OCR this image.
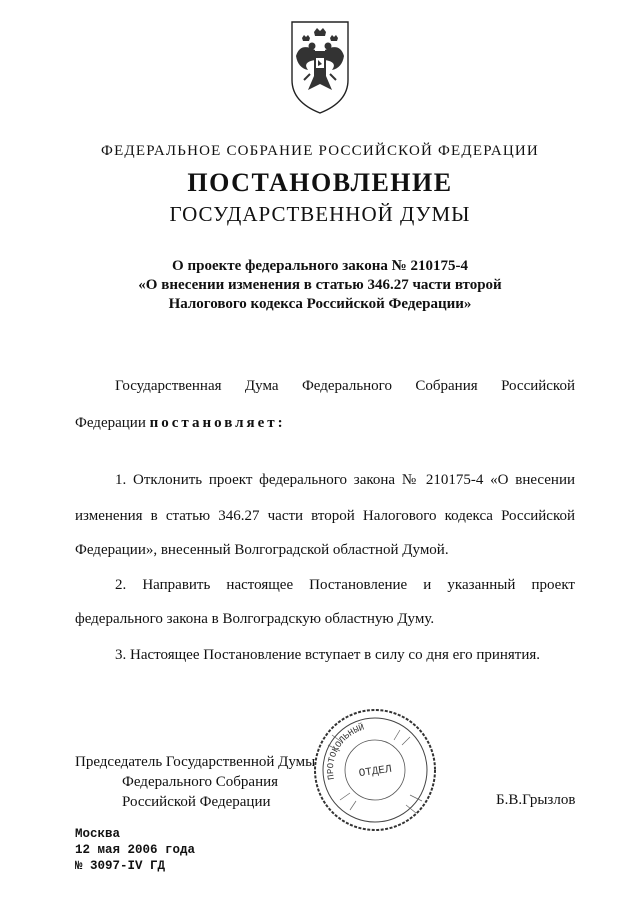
ФЕДЕРАЛЬНОЕ СОБРАНИЕ РОССИЙСКОЙ ФЕДЕРАЦИИ
ПОСТАНОВЛЕНИЕ
ГОСУДАРСТВЕННОЙ ДУМЫ
О проекте федерального закона № 210175-4
«О внесении изменения в статью 346.27 части второй
Налогового кодекса Российской Федерации»
Государственная Дума Федерального Собрания Российской
Федерации постановляет:
1. Отклонить проект федерального закона № 210175-4 «О внесении
изменения в статью 346.27 части второй Налогового кодекса Российской
Федерации», внесенный Волгоградской областной Думой.
2. Направить настоящее Постановление и указанный проект
федерального закона в Волгоградскую областную Думу.
3. Настоящее Постановление вступает в силу со дня его принятия.
Председатель Государственной Думы
Федерального Собрания
Российской Федерации	Б.В.Грызлов
ПРОТОКОЛЬНЫЙ
ОТДЕЛ
Москва
12 мая 2006 года
№ 3097-IV ГД
